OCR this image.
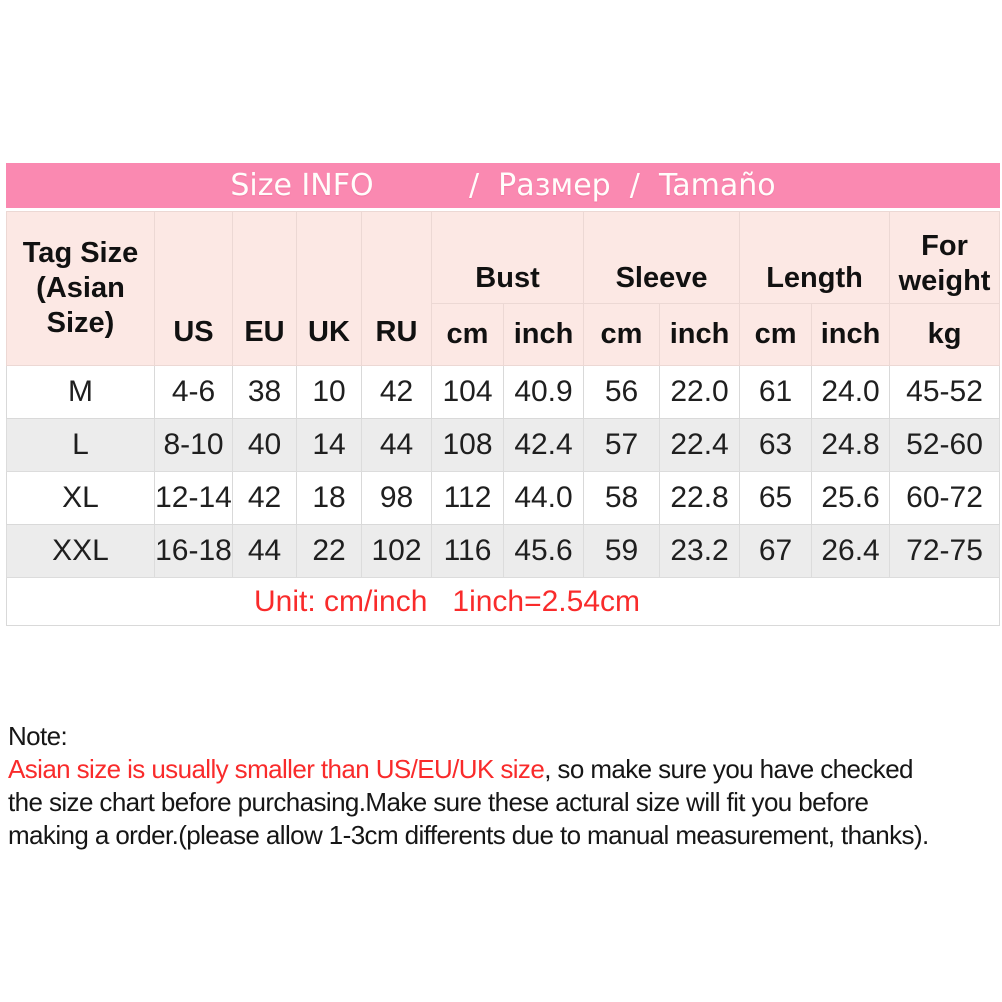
Size INFO          /  Размер  /  Tamaño
Tag Size (Asian Size)	US	EU	UK	RU	Bust		Sleeve		Length		For weight
					cm	inch	cm	inch	cm	inch	kg
M	4-6	38	10	42	104	40.9	56	22.0	61	24.0	45-52
L	8-10	40	14	44	108	42.4	57	22.4	63	24.8	52-60
XL	12-14	42	18	98	112	44.0	58	22.8	65	25.6	60-72
XXL	16-18	44	22	102	116	45.6	59	23.2	67	26.4	72-75
Unit: cm/inch   1inch=2.54cm											
Note:
Asian size is usually smaller than US/EU/UK size, so make sure you have checked
the size chart before purchasing.Make sure these actural size will fit you before
making a order.(please allow 1-3cm differents due to manual measurement, thanks).
